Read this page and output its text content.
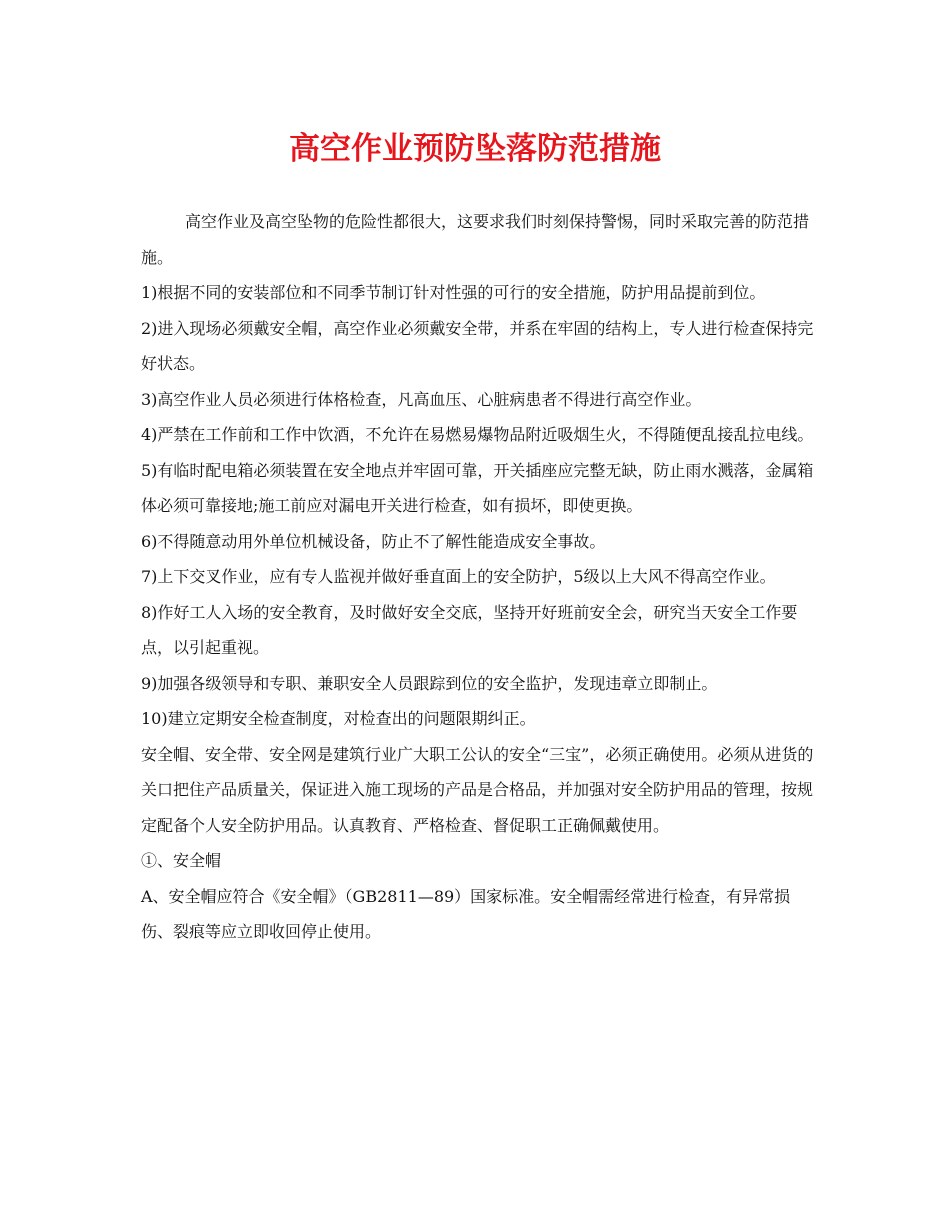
高空作业预防坠落防范措施

高空作业及高空坠物的危险性都很大，这要求我们时刻保持警惕，同时采取完善的防范措施。

1)根据不同的安装部位和不同季节制订针对性强的可行的安全措施，防护用品提前到位。

2)进入现场必须戴安全帽，高空作业必须戴安全带，并系在牢固的结构上，专人进行检查保持完好状态。

3)高空作业人员必须进行体格检查，凡高血压、心脏病患者不得进行高空作业。

4)严禁在工作前和工作中饮酒，不允许在易燃易爆物品附近吸烟生火，不得随便乱接乱拉电线。

5)有临时配电箱必须装置在安全地点并牢固可靠，开关插座应完整无缺，防止雨水溅落，金属箱体必须可靠接地;施工前应对漏电开关进行检查，如有损坏，即使更换。

6)不得随意动用外单位机械设备，防止不了解性能造成安全事故。

7)上下交叉作业，应有专人监视并做好垂直面上的安全防护，5级以上大风不得高空作业。

8)作好工人入场的安全教育，及时做好安全交底，坚持开好班前安全会，研究当天安全工作要点，以引起重视。

9)加强各级领导和专职、兼职安全人员跟踪到位的安全监护，发现违章立即制止。

10)建立定期安全检查制度，对检查出的问题限期纠正。

安全帽、安全带、安全网是建筑行业广大职工公认的安全“三宝”，必须正确使用。必须从进货的关口把住产品质量关，保证进入施工现场的产品是合格品，并加强对安全防护用品的管理，按规定配备个人安全防护用品。认真教育、严格检查、督促职工正确佩戴使用。

①、安全帽

A、安全帽应符合《安全帽》（GB2811—89）国家标准。安全帽需经常进行检查，有异常损伤、裂痕等应立即收回停止使用。
